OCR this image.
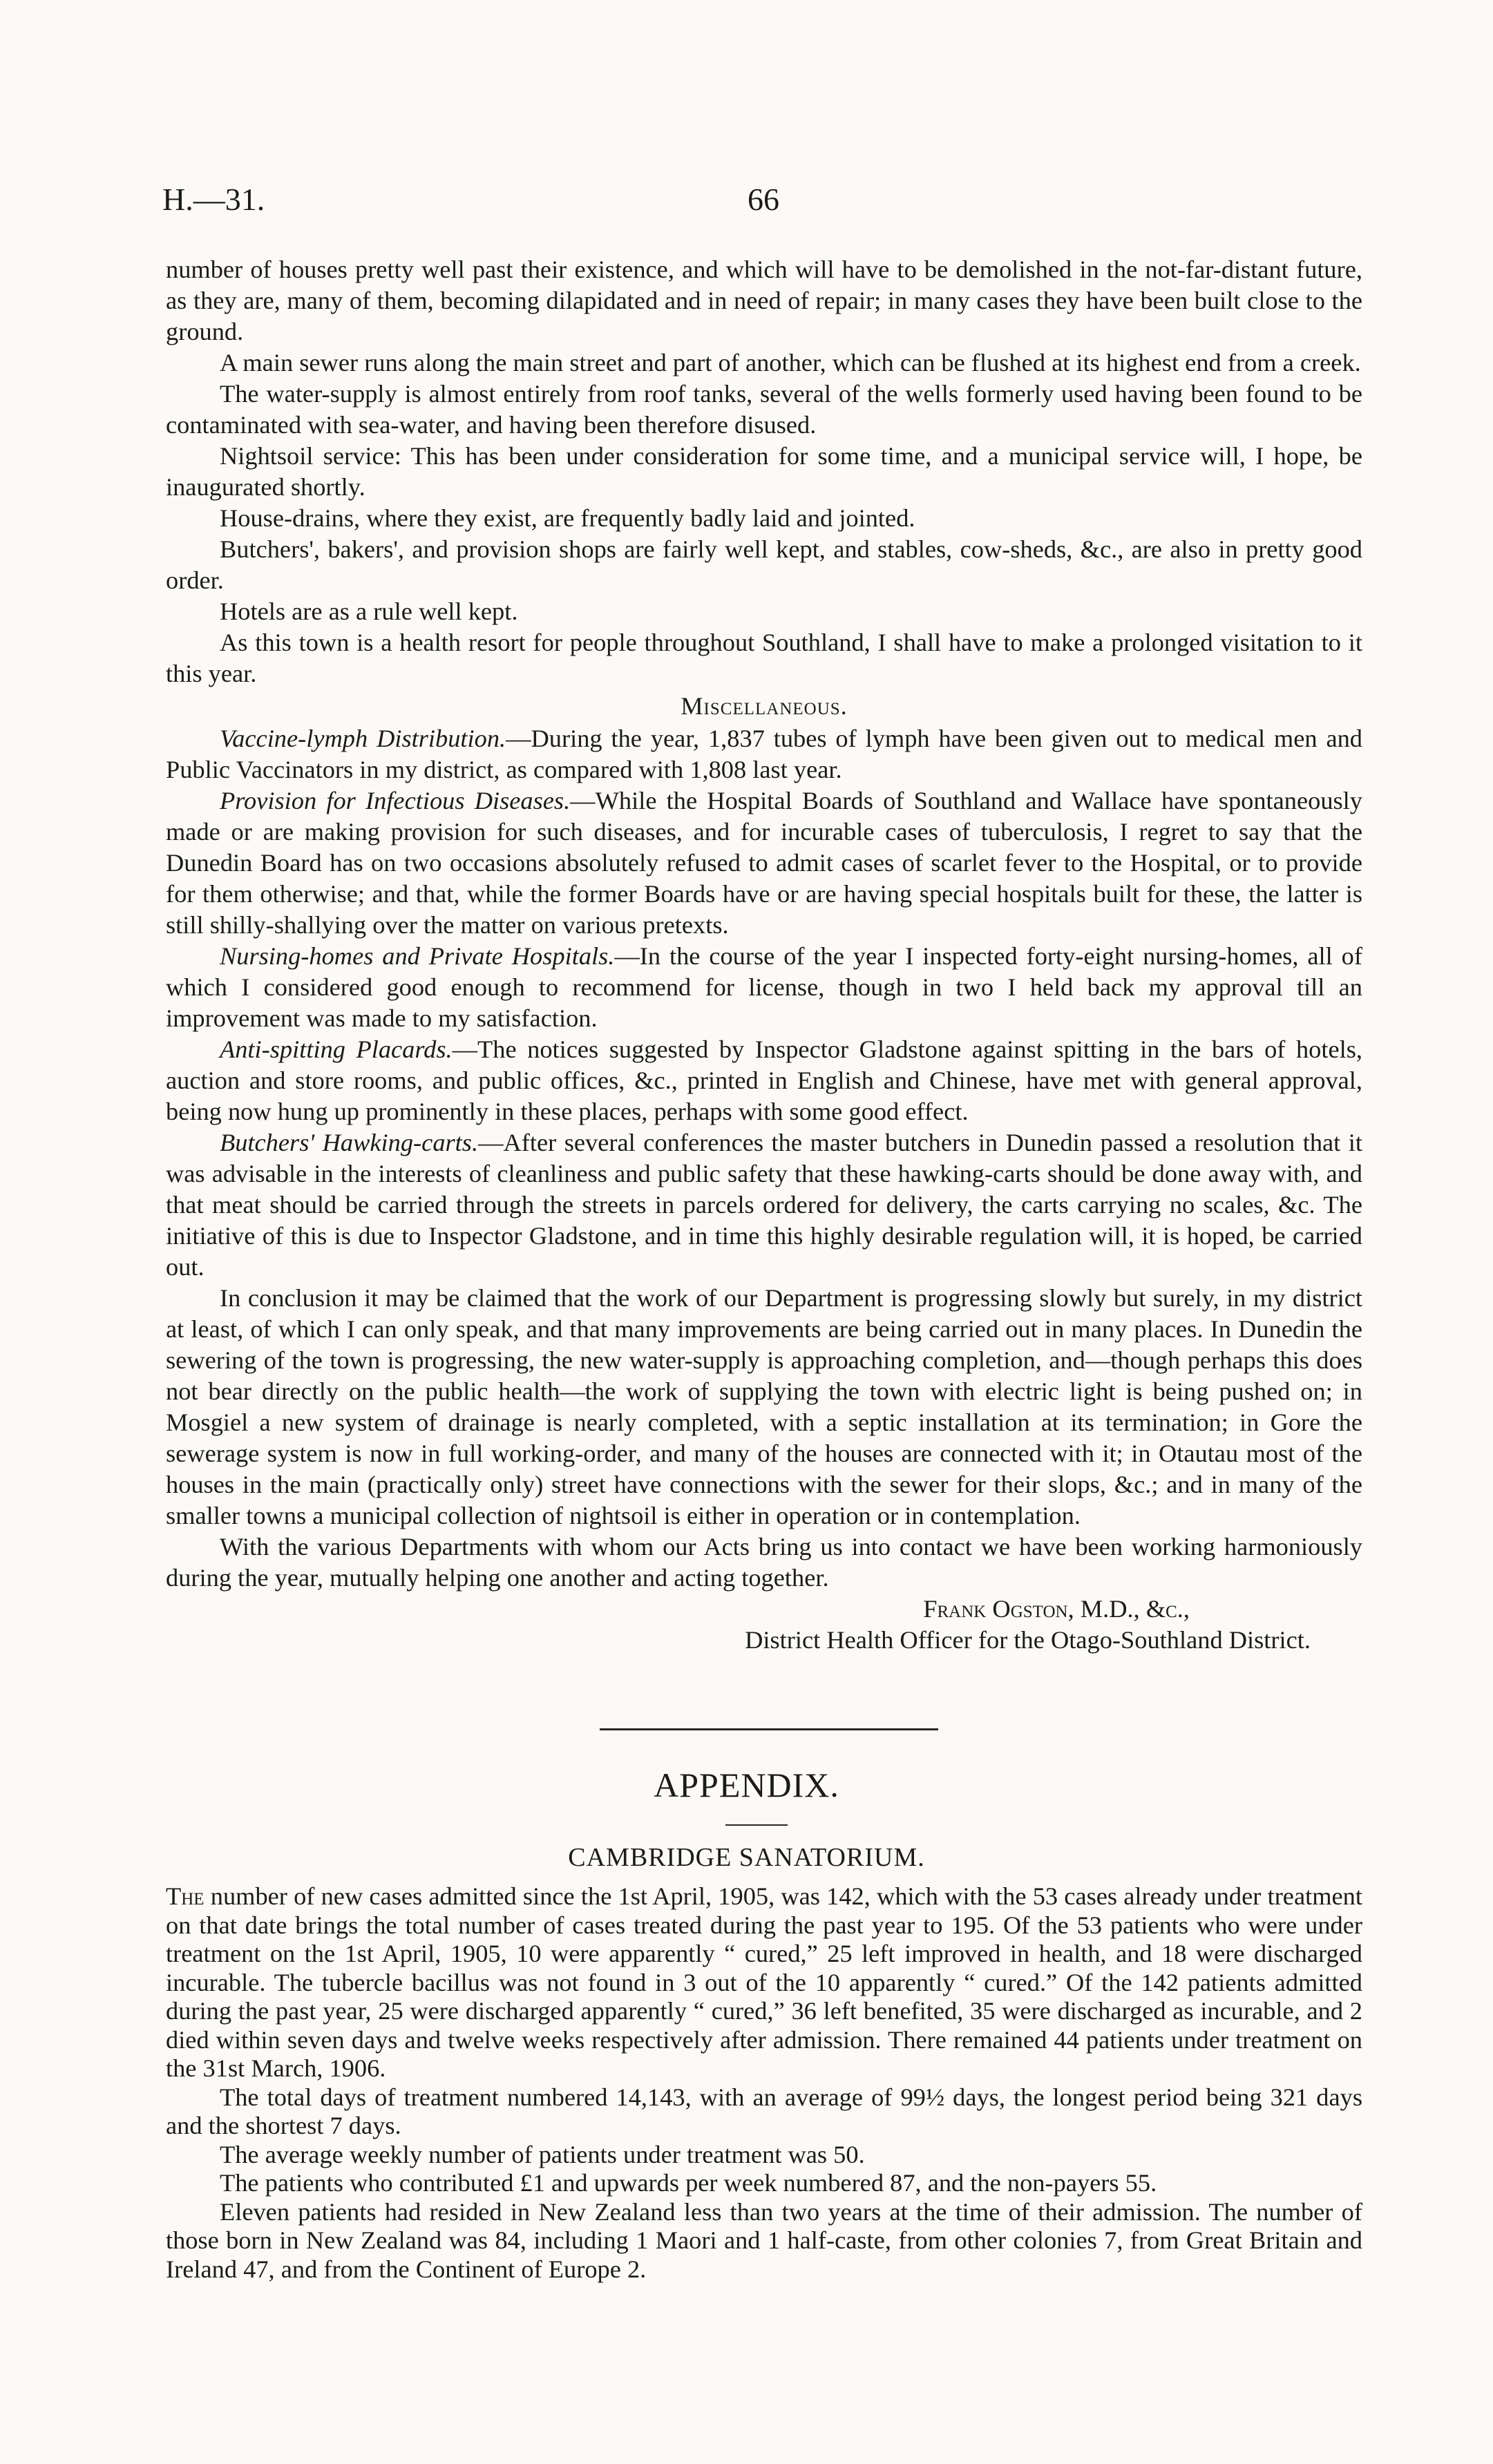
H.—31.	66

number of houses pretty well past their existence, and which will have to be demolished in the not-far-distant future, as they are, many of them, becoming dilapidated and in need of repair; in many cases they have been built close to the ground.

A main sewer runs along the main street and part of another, which can be flushed at its highest end from a creek.

The water-supply is almost entirely from roof tanks, several of the wells formerly used having been found to be contaminated with sea-water, and having been therefore disused.

Nightsoil service: This has been under consideration for some time, and a municipal service will, I hope, be inaugurated shortly.

House-drains, where they exist, are frequently badly laid and jointed.

Butchers', bakers', and provision shops are fairly well kept, and stables, cow-sheds, &c., are also in pretty good order.

Hotels are as a rule well kept.

As this town is a health resort for people throughout Southland, I shall have to make a prolonged visitation to it this year.

Miscellaneous.

Vaccine-lymph Distribution.—During the year, 1,837 tubes of lymph have been given out to medical men and Public Vaccinators in my district, as compared with 1,808 last year.

Provision for Infectious Diseases.—While the Hospital Boards of Southland and Wallace have spontaneously made or are making provision for such diseases, and for incurable cases of tuberculosis, I regret to say that the Dunedin Board has on two occasions absolutely refused to admit cases of scarlet fever to the Hospital, or to provide for them otherwise; and that, while the former Boards have or are having special hospitals built for these, the latter is still shilly-shallying over the matter on various pretexts.

Nursing-homes and Private Hospitals.—In the course of the year I inspected forty-eight nursing-homes, all of which I considered good enough to recommend for license, though in two I held back my approval till an improvement was made to my satisfaction.

Anti-spitting Placards.—The notices suggested by Inspector Gladstone against spitting in the bars of hotels, auction and store rooms, and public offices, &c., printed in English and Chinese, have met with general approval, being now hung up prominently in these places, perhaps with some good effect.

Butchers' Hawking-carts.—After several conferences the master butchers in Dunedin passed a resolution that it was advisable in the interests of cleanliness and public safety that these hawking-carts should be done away with, and that meat should be carried through the streets in parcels ordered for delivery, the carts carrying no scales, &c. The initiative of this is due to Inspector Gladstone, and in time this highly desirable regulation will, it is hoped, be carried out.

In conclusion it may be claimed that the work of our Department is progressing slowly but surely, in my district at least, of which I can only speak, and that many improvements are being carried out in many places. In Dunedin the sewering of the town is progressing, the new water-supply is approaching completion, and—though perhaps this does not bear directly on the public health—the work of supplying the town with electric light is being pushed on; in Mosgiel a new system of drainage is nearly completed, with a septic installation at its termination; in Gore the sewerage system is now in full working-order, and many of the houses are connected with it; in Otautau most of the houses in the main (practically only) street have connections with the sewer for their slops, &c.; and in many of the smaller towns a municipal collection of nightsoil is either in operation or in contemplation.

With the various Departments with whom our Acts bring us into contact we have been working harmoniously during the year, mutually helping one another and acting together.

Frank Ogston, M.D., &c.,

District Health Officer for the Otago-Southland District.

APPENDIX.
CAMBRIDGE SANATORIUM.

The number of new cases admitted since the 1st April, 1905, was 142, which with the 53 cases already under treatment on that date brings the total number of cases treated during the past year to 195. Of the 53 patients who were under treatment on the 1st April, 1905, 10 were apparently “ cured,” 25 left improved in health, and 18 were discharged incurable. The tubercle bacillus was not found in 3 out of the 10 apparently “ cured.” Of the 142 patients admitted during the past year, 25 were discharged apparently “ cured,” 36 left benefited, 35 were discharged as incurable, and 2 died within seven days and twelve weeks respectively after admission. There remained 44 patients under treatment on the 31st March, 1906.

The total days of treatment numbered 14,143, with an average of 99½ days, the longest period being 321 days and the shortest 7 days.

The average weekly number of patients under treatment was 50.

The patients who contributed £1 and upwards per week numbered 87, and the non-payers 55.

Eleven patients had resided in New Zealand less than two years at the time of their admission. The number of those born in New Zealand was 84, including 1 Maori and 1 half-caste, from other colonies 7, from Great Britain and Ireland 47, and from the Continent of Europe 2.
